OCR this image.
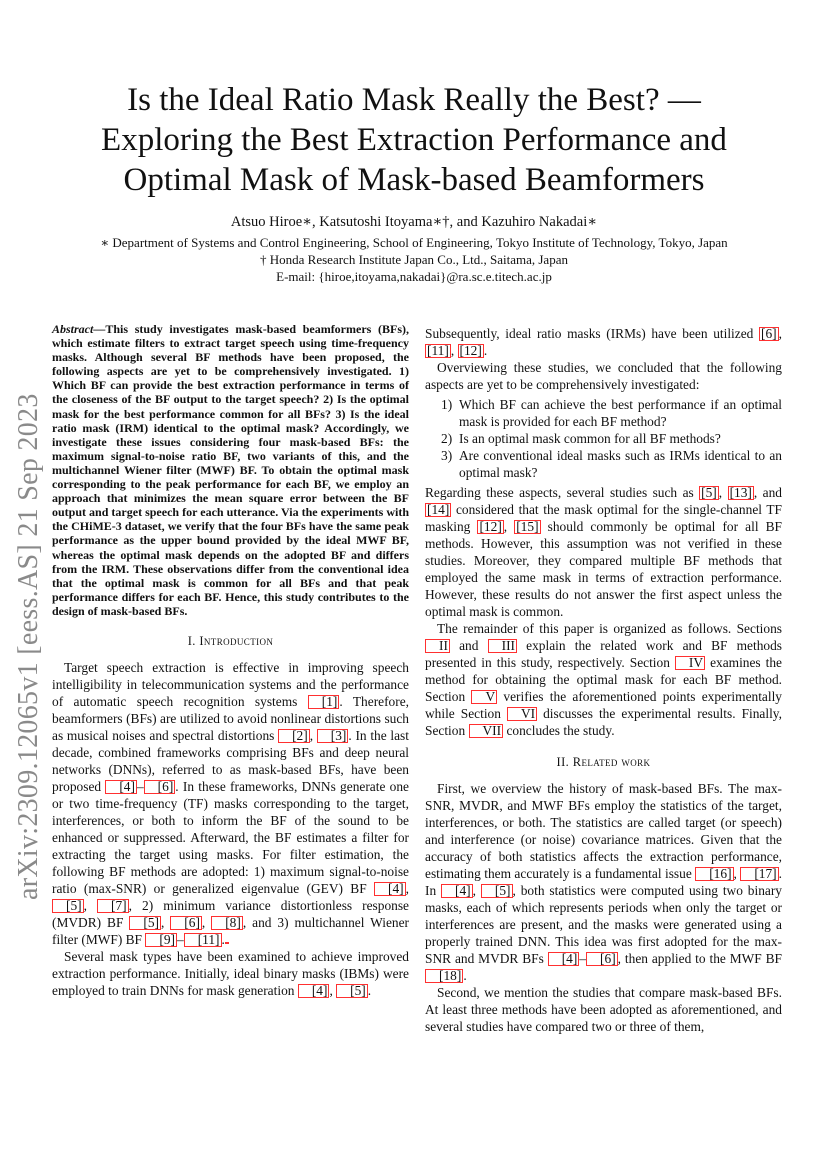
arXiv:2309.12065v1 [eess.AS] 21 Sep 2023
Is the Ideal Ratio Mask Really the Best? — Exploring the Best Extraction Performance and Optimal Mask of Mask-based Beamformers
Atsuo Hiroe∗, Katsutoshi Itoyama∗†, and Kazuhiro Nakadai∗
∗ Department of Systems and Control Engineering, School of Engineering, Tokyo Institute of Technology, Tokyo, Japan
† Honda Research Institute Japan Co., Ltd., Saitama, Japan
E-mail: {hiroe,itoyama,nakadai}@ra.sc.e.titech.ac.jp

Abstract — This study investigates mask-based beamformers (BFs), which estimate filters to extract target speech using time-frequency masks. Although several BF methods have been proposed, the following aspects are yet to be comprehensively investigated. 1) Which BF can provide the best extraction performance in terms of the closeness of the BF output to the target speech? 2) Is the optimal mask for the best performance common for all BFs? 3) Is the ideal ratio mask (IRM) identical to the optimal mask? Accordingly, we investigate these issues considering four mask-based BFs: the maximum signal-to-noise ratio BF, two variants of this, and the multichannel Wiener filter (MWF) BF. To obtain the optimal mask corresponding to the peak performance for each BF, we employ an approach that minimizes the mean square error between the BF output and target speech for each utterance. Via the experiments with the CHiME-3 dataset, we verify that the four BFs have the same peak performance as the upper bound provided by the ideal MWF BF, whereas the optimal mask depends on the adopted BF and differs from the IRM. These observations differ from the conventional idea that the optimal mask is common for all BFs and that peak performance differs for each BF. Hence, this study contributes to the design of mask-based BFs.

I. Introduction

Target speech extraction is effective in improving speech intelligibility in telecommunication systems and the performance of automatic speech recognition systems [1] . Therefore, beamformers (BFs) are utilized to avoid nonlinear distortions such as musical noises and spectral distortions [2] , [3] . In the last decade, combined frameworks comprising BFs and deep neural networks (DNNs), referred to as mask-based BFs, have been proposed [4] – [6] . In these frameworks, DNNs generate one or two time-frequency (TF) masks corresponding to the target, interferences, or both to inform the BF of the sound to be enhanced or suppressed. Afterward, the BF estimates a filter for extracting the target using masks. For filter estimation, the following BF methods are adopted: 1) maximum signal-to-noise ratio (max-SNR) or generalized eigenvalue (GEV) BF [4] , [5] , [7] , 2) minimum variance distortionless response (MVDR) BF [5] , [6] , [8] , and 3) multichannel Wiener filter (MWF) BF [9] – [11] .

Several mask types have been examined to achieve improved extraction performance. Initially, ideal binary masks (IBMs) were employed to train DNNs for mask generation [4] , [5] .

Subsequently, ideal ratio masks (IRMs) have been utilized [6] , [11] , [12] .

Overviewing these studies, we concluded that the following aspects are yet to be comprehensively investigated:

1) Which BF can achieve the best performance if an optimal mask is provided for each BF method?
2) Is an optimal mask common for all BF methods?
3) Are conventional ideal masks such as IRMs identical to an optimal mask?

Regarding these aspects, several studies such as [5] , [13] , and [14] considered that the mask optimal for the single-channel TF masking [12] , [15] should commonly be optimal for all BF methods. However, this assumption was not verified in these studies. Moreover, they compared multiple BF methods that employed the same mask in terms of extraction performance. However, these results do not answer the first aspect unless the optimal mask is common.

The remainder of this paper is organized as follows. Sections II and III explain the related work and BF methods presented in this study, respectively. Section IV examines the method for obtaining the optimal mask for each BF method. Section V verifies the aforementioned points experimentally while Section VI discusses the experimental results. Finally, Section VII concludes the study.

II. Related work

First, we overview the history of mask-based BFs. The max-SNR, MVDR, and MWF BFs employ the statistics of the target, interferences, or both. The statistics are called target (or speech) and interference (or noise) covariance matrices. Given that the accuracy of both statistics affects the extraction performance, estimating them accurately is a fundamental issue [16] , [17] . In [4] , [5] , both statistics were computed using two binary masks, each of which represents periods when only the target or interferences are present, and the masks were generated using a properly trained DNN. This idea was first adopted for the max-SNR and MVDR BFs [4] – [6] , then applied to the MWF BF [18] .

Second, we mention the studies that compare mask-based BFs. At least three methods have been adopted as aforementioned, and several studies have compared two or three of them,
